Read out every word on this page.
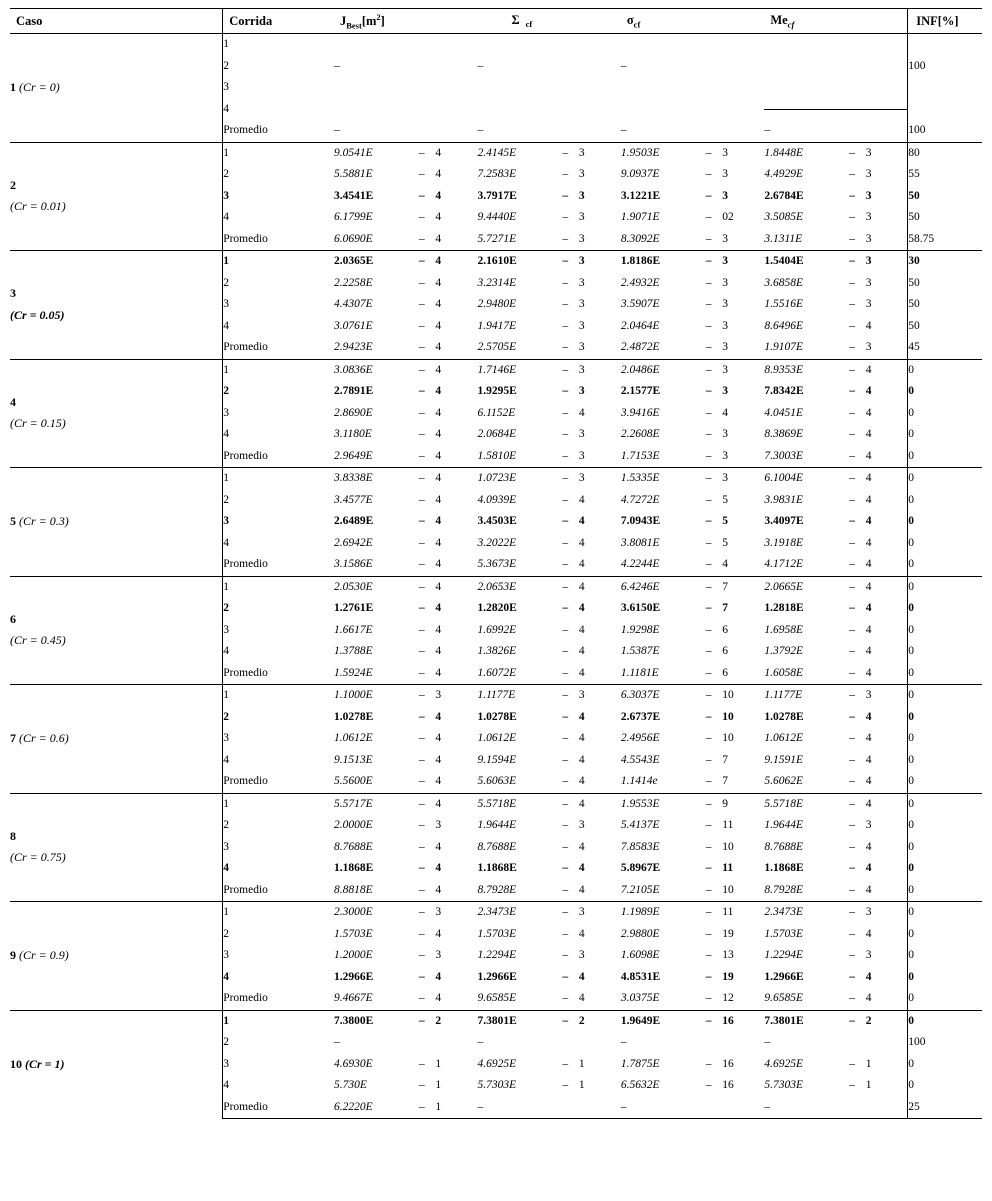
Caso	Corrida	$J_{Best}[m^2]$			Σ $_{cf}$			$\sigma_{cf}$			$Me_{cf}$			INF[%]
1 (Cr = 0)	1													
	2	–			–			–						100
	3													
	4												

	Promedio	–			–			–			–			100

2
(Cr = 0.01)	1	9.0541E	–	4	2.4145E	–	3	1.9503E	–	3	1.8448E	–	3	80
	2	5.5881E	–	4	7.2583E	–	3	9.0937E	–	3	4.4929E	–	3	55
	3	3.4541E	–	4	3.7917E	–	3	3.1221E	–	3	2.6784E	–	3	50
	4	6.1799E	–	4	9.4440E	–	3	1.9071E	–	02	3.5085E	–	3	50
	Promedio	6.0690E	–	4	5.7271E	–	3	8.3092E	–	3	3.1311E	–	3	58.75

3
(Cr = 0.05)	1	2.0365E	–	4	2.1610E	–	3	1.8186E	–	3	1.5404E	–	3	30
	2	2.2258E	–	4	3.2314E	–	3	2.4932E	–	3	3.6858E	–	3	50
	3	4.4307E	–	4	2.9480E	–	3	3.5907E	–	3	1.5516E	–	3	50
	4	3.0761E	–	4	1.9417E	–	3	2.0464E	–	3	8.6496E	–	4	50
	Promedio	2.9423E	–	4	2.5705E	–	3	2.4872E	–	3	1.9107E	–	3	45

4
(Cr = 0.15)	1	3.0836E	–	4	1.7146E	–	3	2.0486E	–	3	8.9353E	–	4	0
	2	2.7891E	–	4	1.9295E	–	3	2.1577E	–	3	7.8342E	–	4	0
	3	2.8690E	–	4	6.1152E	–	4	3.9416E	–	4	4.0451E	–	4	0
	4	3.1180E	–	4	2.0684E	–	3	2.2608E	–	3	8.3869E	–	4	0
	Promedio	2.9649E	–	4	1.5810E	–	3	1.7153E	–	3	7.3003E	–	4	0
5 (Cr = 0.3)	1	3.8338E	–	4	1.0723E	–	3	1.5335E	–	3	6.1004E	–	4	0
	2	3.4577E	–	4	4.0939E	–	4	4.7272E	–	5	3.9831E	–	4	0
	3	2.6489E	–	4	3.4503E	–	4	7.0943E	–	5	3.4097E	–	4	0
	4	2.6942E	–	4	3.2022E	–	4	3.8081E	–	5	3.1918E	–	4	0
	Promedio	3.1586E	–	4	5.3673E	–	4	4.2244E	–	4	4.1712E	–	4	0

6
(Cr = 0.45)	1	2.0530E	–	4	2.0653E	–	4	6.4246E	–	7	2.0665E	–	4	0
	2	1.2761E	–	4	1.2820E	–	4	3.6150E	–	7	1.2818E	–	4	0
	3	1.6617E	–	4	1.6992E	–	4	1.9298E	–	6	1.6958E	–	4	0
	4	1.3788E	–	4	1.3826E	–	4	1.5387E	–	6	1.3792E	–	4	0
	Promedio	1.5924E	–	4	1.6072E	–	4	1.1181E	–	6	1.6058E	–	4	0
7 (Cr = 0.6)	1	1.1000E	–	3	1.1177E	–	3	6.3037E	–	10	1.1177E	–	3	0
	2	1.0278E	–	4	1.0278E	–	4	2.6737E	–	10	1.0278E	–	4	0
	3	1.0612E	–	4	1.0612E	–	4	2.4956E	–	10	1.0612E	–	4	0
	4	9.1513E	–	4	9.1594E	–	4	4.5543E	–	7	9.1591E	–	4	0
	Promedio	5.5600E	–	4	5.6063E	–	4	1.1414e	–	7	5.6062E	–	4	0

8
(Cr = 0.75)	1	5.5717E	–	4	5.5718E	–	4	1.9553E	–	9	5.5718E	–	4	0
	2	2.0000E	–	3	1.9644E	–	3	5.4137E	–	11	1.9644E	–	3	0
	3	8.7688E	–	4	8.7688E	–	4	7.8583E	–	10	8.7688E	–	4	0
	4	1.1868E	–	4	1.1868E	–	4	5.8967E	–	11	1.1868E	–	4	0
	Promedio	8.8818E	–	4	8.7928E	–	4	7.2105E	–	10	8.7928E	–	4	0
9 (Cr = 0.9)	1	2.3000E	–	3	2.3473E	–	3	1.1989E	–	11	2.3473E	–	3	0
	2	1.5703E	–	4	1.5703E	–	4	2.9880E	–	19	1.5703E	–	4	0
	3	1.2000E	–	3	1.2294E	–	3	1.6098E	–	13	1.2294E	–	3	0
	4	1.2966E	–	4	1.2966E	–	4	4.8531E	–	19	1.2966E	–	4	0
	Promedio	9.4667E	–	4	9.6585E	–	4	3.0375E	–	12	9.6585E	–	4	0
10 (Cr = 1)	1	7.3800E	–	2	7.3801E	–	2	1.9649E	–	16	7.3801E	–	2	0
	2	–			–			–			–			100
	3	4.6930E	–	1	4.6925E	–	1	1.7875E	–	16	4.6925E	–	1	0
	4	5.730E	–	1	5.7303E	–	1	6.5632E	–	16	5.7303E	–	1	0
	Promedio	6.2220E	–	1	–			–			–			25
